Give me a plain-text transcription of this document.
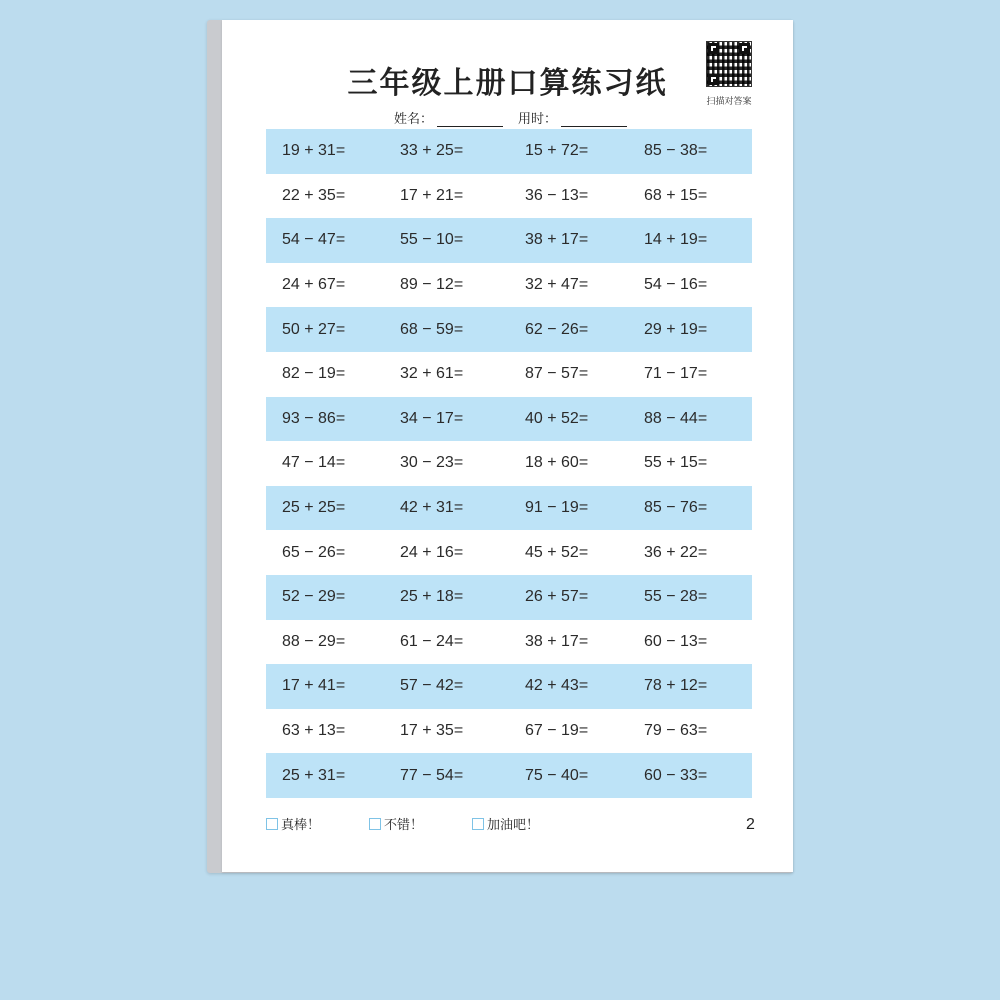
三年级上册口算练习纸
姓名：	用时：
扫描对答案
19 + 31=	33 + 25=	15 + 72=	85 − 38=
22 + 35=	17 + 21=	36 − 13=	68 + 15=
54 − 47=	55 − 10=	38 + 17=	14 + 19=
24 + 67=	89 − 12=	32 + 47=	54 − 16=
50 + 27=	68 − 59=	62 − 26=	29 + 19=
82 − 19=	32 + 61=	87 − 57=	71 − 17=
93 − 86=	34 − 17=	40 + 52=	88 − 44=
47 − 14=	30 − 23=	18 + 60=	55 + 15=
25 + 25=	42 + 31=	91 − 19=	85 − 76=
65 − 26=	24 + 16=	45 + 52=	36 + 22=
52 − 29=	25 + 18=	26 + 57=	55 − 28=
88 − 29=	61 − 24=	38 + 17=	60 − 13=
17 + 41=	57 − 42=	42 + 43=	78 + 12=
63 + 13=	17 + 35=	67 − 19=	79 − 63=
25 + 31=	77 − 54=	75 − 40=	60 − 33=
真棒！	不错！	加油吧！	2
